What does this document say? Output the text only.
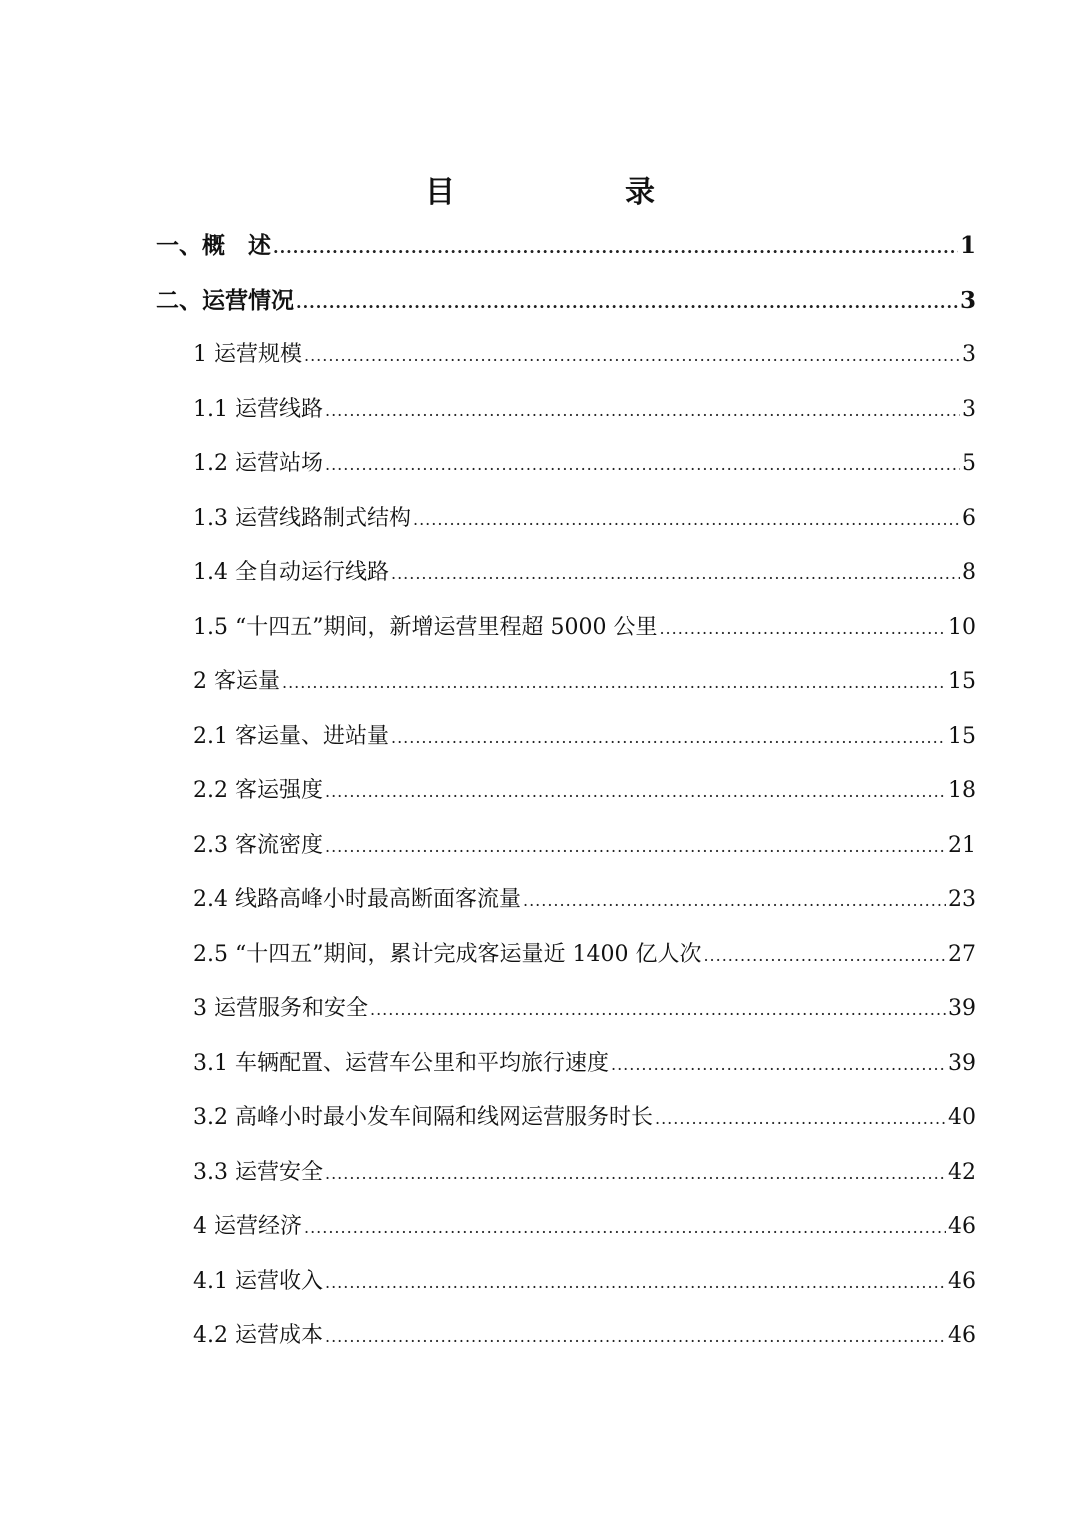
目　录
一、概　述 .....	1
二、运营情况 .....	3
1 运营规模 .....	3
1.1 运营线路 .....	3
1.2 运营站场 .....	5
1.3 运营线路制式结构 .....	6
1.4 全自动运行线路 .....	8
1.5 “十四五”期间，新增运营里程超 5000 公里 .....	10
2 客运量 .....	15
2.1 客运量、进站量 .....	15
2.2 客运强度 .....	18
2.3 客流密度 .....	21
2.4 线路高峰小时最高断面客流量 .....	23
2.5 “十四五”期间，累计完成客运量近 1400 亿人次 .....	27
3 运营服务和安全 .....	39
3.1 车辆配置、运营车公里和平均旅行速度 .....	39
3.2 高峰小时最小发车间隔和线网运营服务时长 .....	40
3.3 运营安全 .....	42
4 运营经济 .....	46
4.1 运营收入 .....	46
4.2 运营成本 .....	46
